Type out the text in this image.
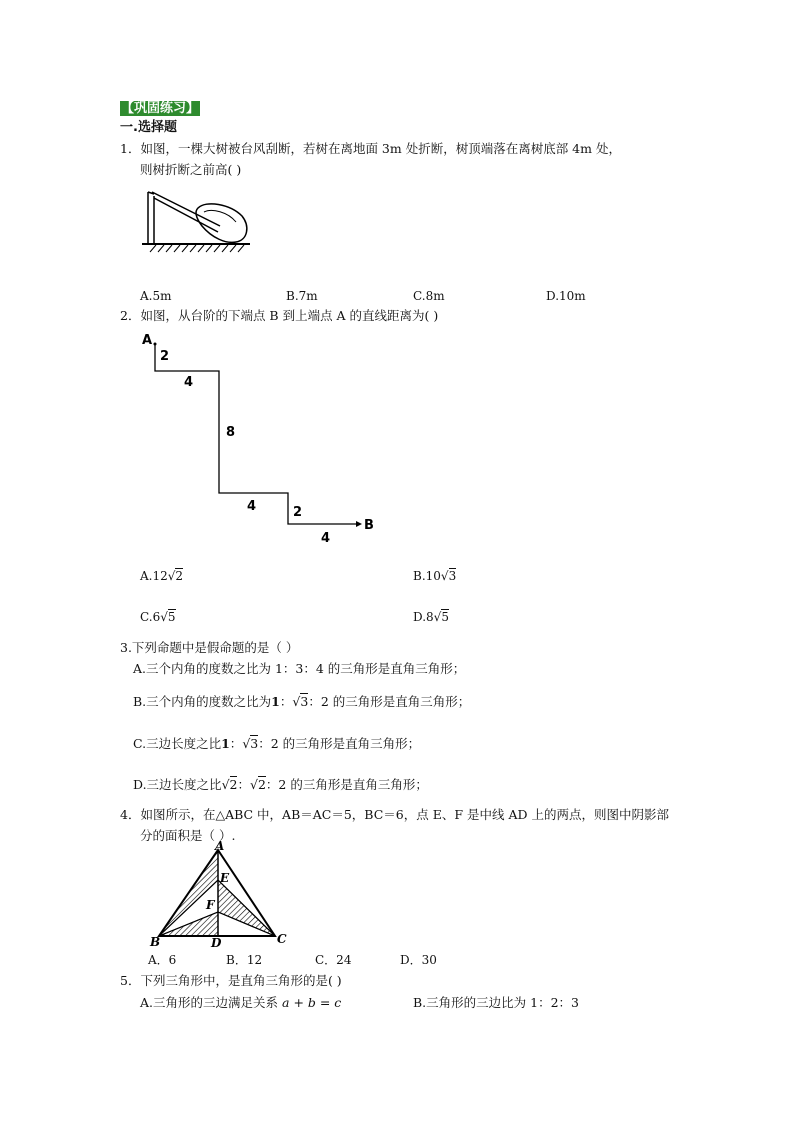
【巩固练习】
一.选择题
1．如图，一棵大树被台风刮断，若树在离地面 3m 处折断，树顶端落在离树底部 4m 处，
则树折断之前高( )
A.5m	B.7m	C.8m	D.10m
2．如图，从台阶的下端点 B 到上端点 A 的直线距离为( )
A
B
2
4
8
4	2
4
A.12√2	B.10√3
C.6√5	D.8√5
3.下列命题中是假命题的是（ ）
A.三个内角的度数之比为 1：3：4 的三角形是直角三角形；
B.三个内角的度数之比为1：√3：2 的三角形是直角三角形；
C.三边长度之比1：√3：2 的三角形是直角三角形；
D.三边长度之比√2：√2：2 的三角形是直角三角形；
4．如图所示，在△ABC 中，AB＝AC＝5，BC＝6，点 E、F 是中线 AD 上的两点，则图中阴影部
分的面积是（ ）.
A
B	C
D
E
F
A．6	B．12	C．24	D．30
5．下列三角形中，是直角三角形的是( )
A.三角形的三边满足关系 a + b = c	B.三角形的三边比为 1：2：3
